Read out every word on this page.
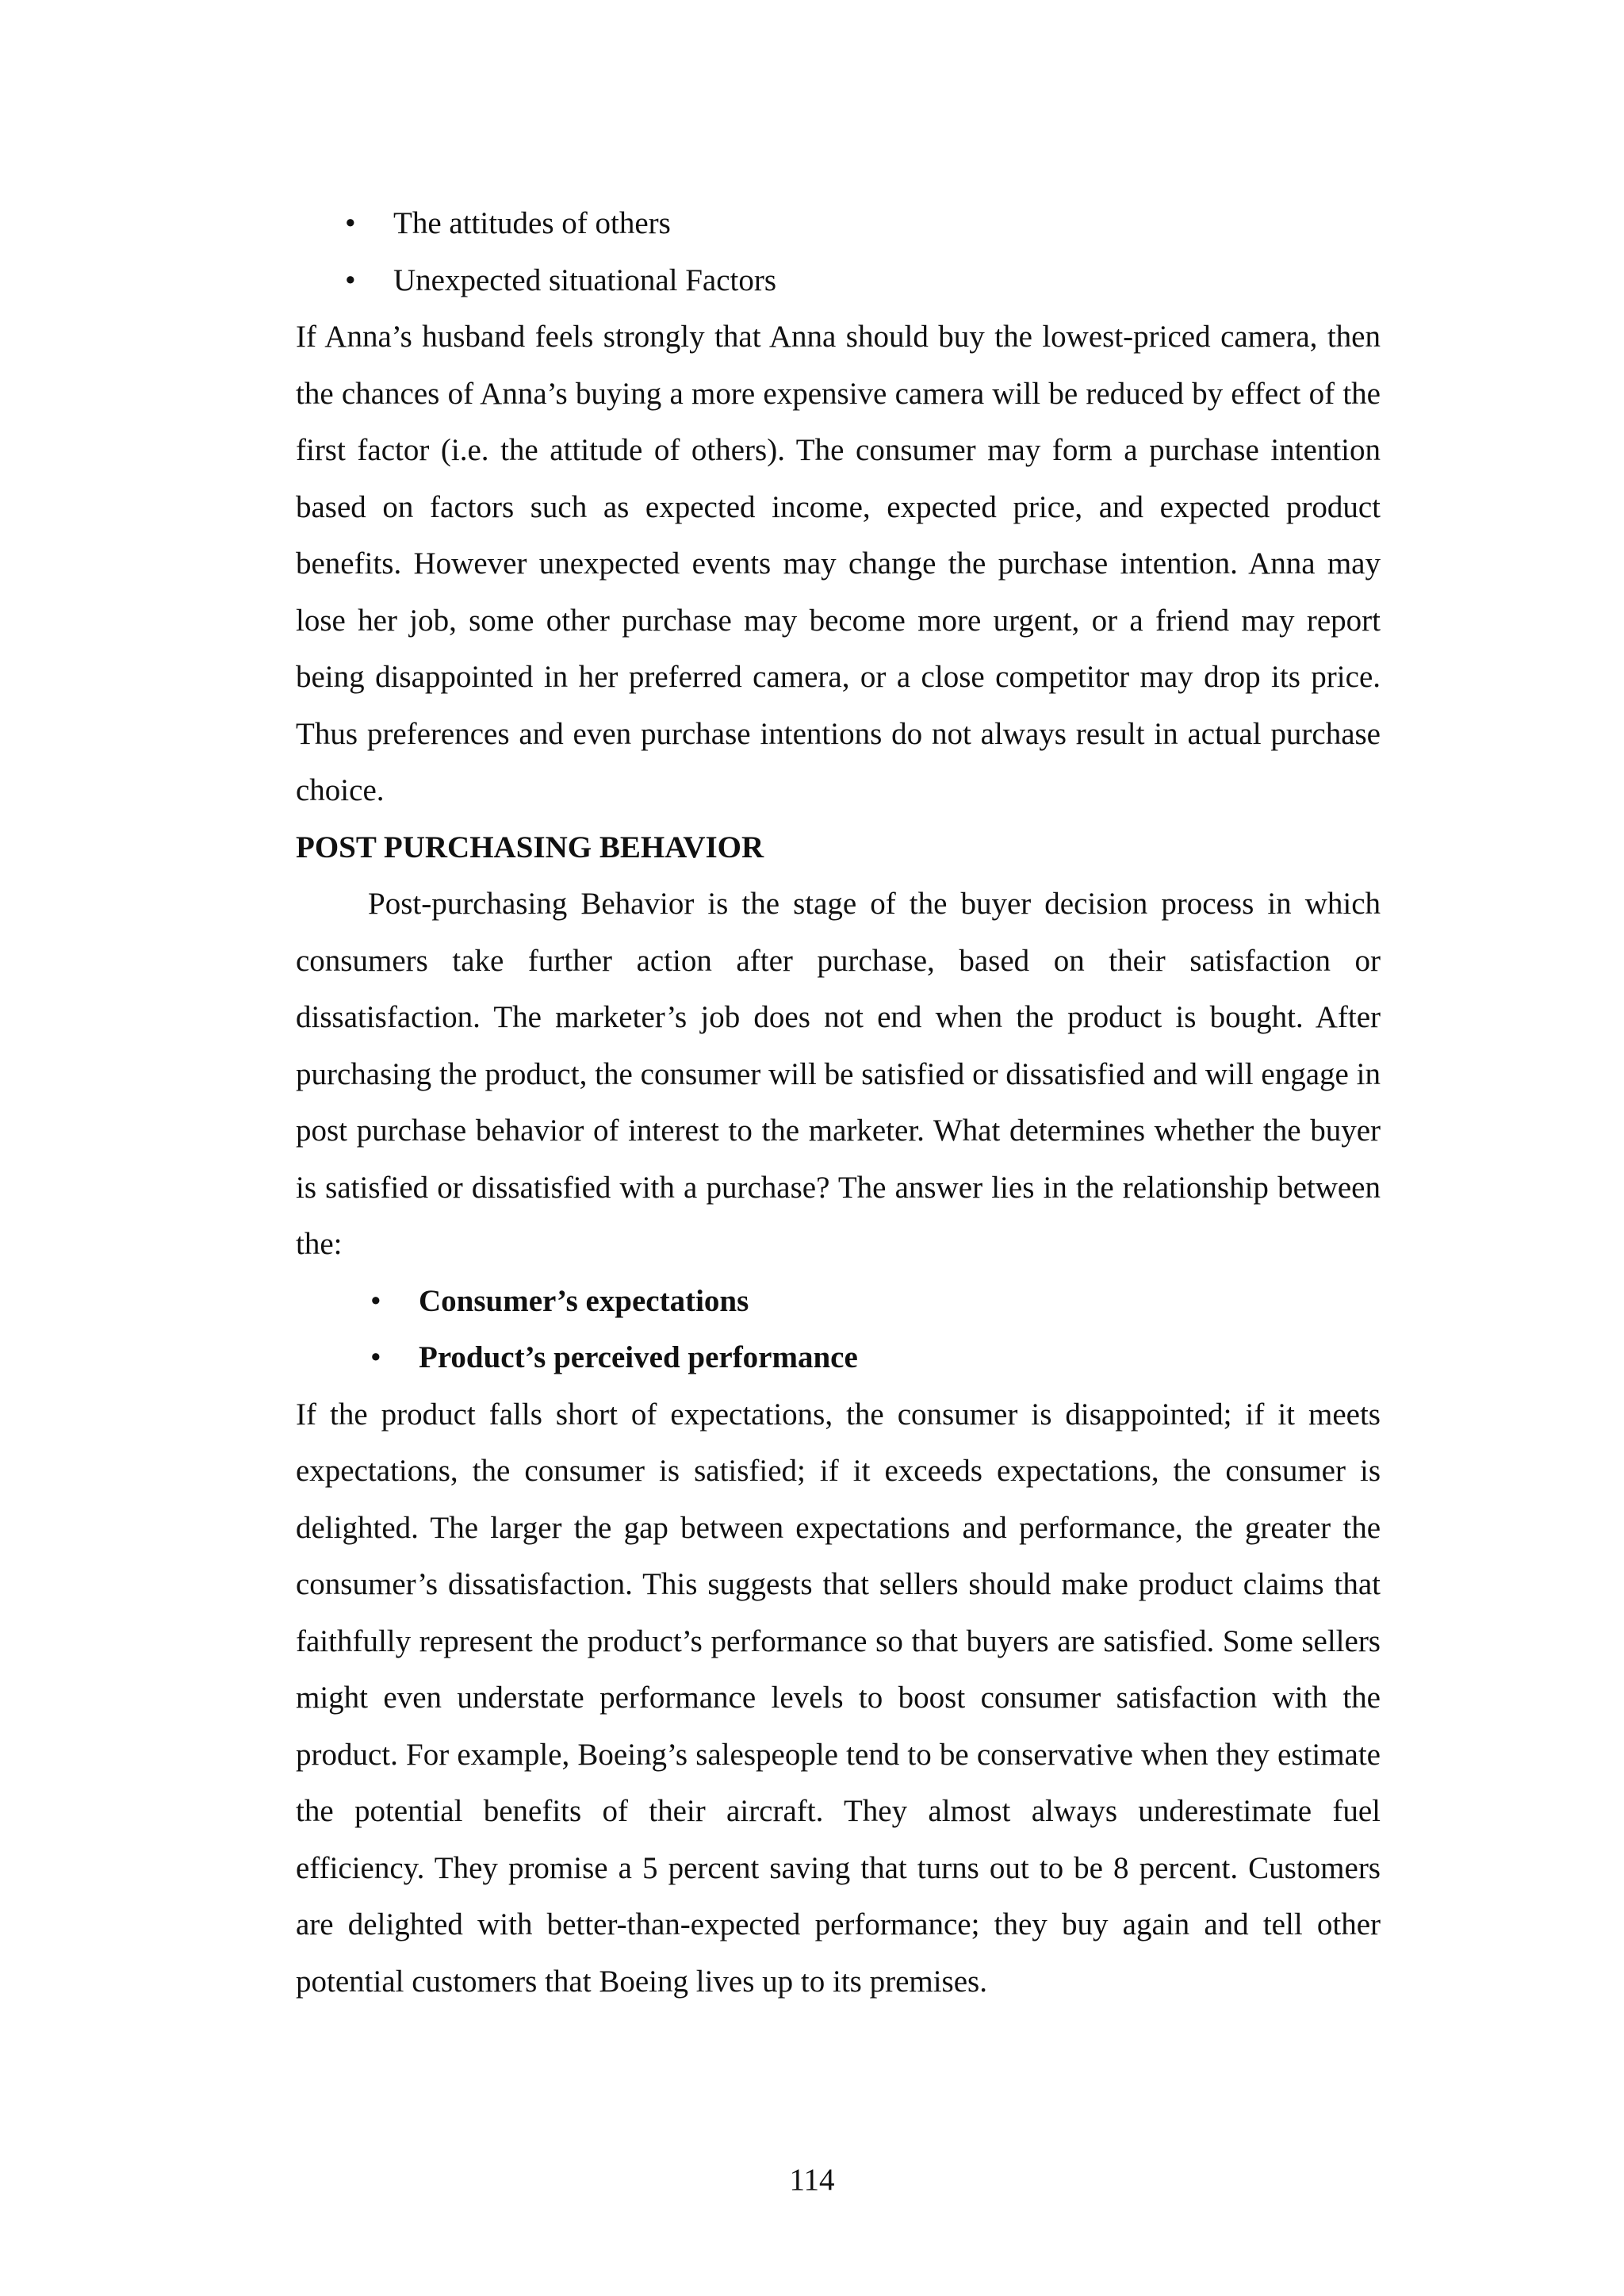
• The attitudes of others
• Unexpected situational Factors

If Anna’s husband feels strongly that Anna should buy the lowest-priced camera, then the chances of Anna’s buying a more expensive camera will be reduced by effect of the first factor (i.e. the attitude of others). The consumer may form a purchase intention based on factors such as expected income, expected price, and expected product benefits. However unexpected events may change the purchase intention. Anna may lose her job, some other purchase may become more urgent, or a friend may report being disappointed in her preferred camera, or a close competitor may drop its price. Thus preferences and even purchase intentions do not always result in actual purchase choice.

POST PURCHASING BEHAVIOR

Post-purchasing Behavior is the stage of the buyer decision process in which consumers take further action after purchase, based on their satisfaction or dissatisfaction. The marketer’s job does not end when the product is bought. After purchasing the product, the consumer will be satisfied or dissatisfied and will engage in post purchase behavior of interest to the marketer. What determines whether the buyer is satisfied or dissatisfied with a purchase? The answer lies in the relationship between the:

• Consumer’s expectations
• Product’s perceived performance

If the product falls short of expectations, the consumer is disappointed; if it meets expectations, the consumer is satisfied; if it exceeds expectations, the consumer is delighted. The larger the gap between expectations and performance, the greater the consumer’s dissatisfaction. This suggests that sellers should make product claims that faithfully represent the product’s performance so that buyers are satisfied. Some sellers might even understate performance levels to boost consumer satisfaction with the product. For example, Boeing’s salespeople tend to be conservative when they estimate the potential benefits of their aircraft. They almost always underestimate fuel efficiency. They promise a 5 percent saving that turns out to be 8 percent. Customers are delighted with better-than-expected performance; they buy again and tell other potential customers that Boeing lives up to its premises.

114
